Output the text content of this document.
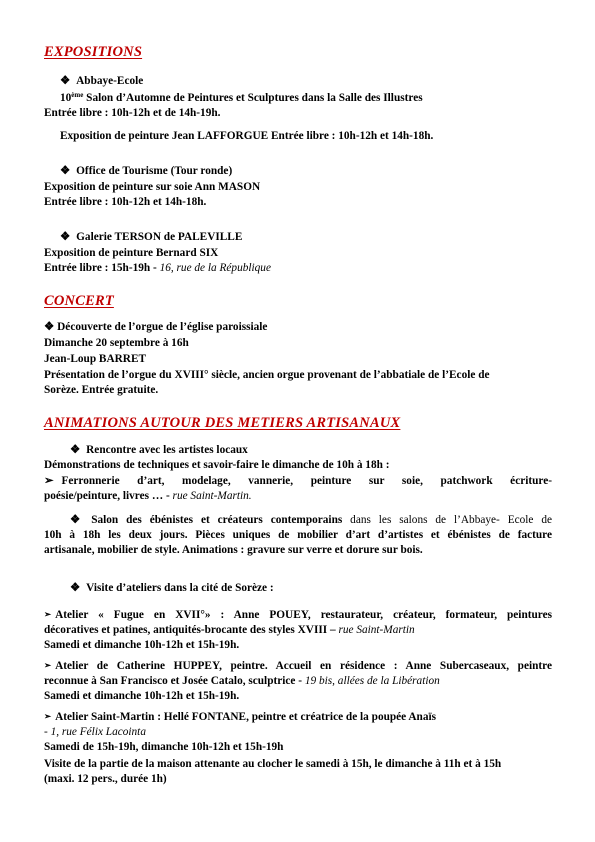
EXPOSITIONS
❖ Abbaye-Ecole
10ème Salon d’Automne de Peintures et Sculptures dans la Salle des Illustres
Entrée libre : 10h-12h et de 14h-19h.
Exposition de peinture Jean LAFFORGUE Entrée libre : 10h-12h et 14h-18h.
❖ Office de Tourisme (Tour ronde)
Exposition de peinture sur soie Ann MASON
Entrée libre : 10h-12h et 14h-18h.
❖ Galerie TERSON de PALEVILLE
Exposition de peinture Bernard SIX
Entrée libre : 15h-19h - 16, rue de la République
CONCERT
❖ Découverte de l’orgue de l’église paroissiale
Dimanche 20 septembre à 16h
Jean-Loup BARRET
Présentation de l’orgue du XVIII° siècle, ancien orgue provenant de l’abbatiale de l’Ecole de
Sorèze. Entrée gratuite.
ANIMATIONS AUTOUR DES METIERS ARTISANAUX
❖ Rencontre avec les artistes locaux
Démonstrations de techniques et savoir-faire le dimanche de 10h à 18h :
➢ Ferronnerie d’art, modelage, vannerie, peinture sur soie, patchwork écriture-
poésie/peinture, livres … - rue Saint-Martin.
❖ Salon des ébénistes et créateurs contemporains dans les salons de l’Abbaye- Ecole de
10h à 18h les deux jours. Pièces uniques de mobilier d’art d’artistes et ébénistes de facture
artisanale, mobilier de style. Animations : gravure sur verre et dorure sur bois.
❖ Visite d’ateliers dans la cité de Sorèze :
➢ Atelier « Fugue en XVII°» : Anne POUEY, restaurateur, créateur, formateur, peintures
décoratives et patines, antiquités-brocante des styles XVIII – rue Saint-Martin
Samedi et dimanche 10h-12h et 15h-19h.
➢ Atelier de Catherine HUPPEY, peintre. Accueil en résidence : Anne Subercaseaux, peintre
reconnue à San Francisco et Josée Catalo, sculptrice - 19 bis, allées de la Libération
Samedi et dimanche 10h-12h et 15h-19h.
➢ Atelier Saint-Martin : Hellé FONTANE, peintre et créatrice de la poupée Anaïs
- 1, rue Félix Lacointa
Samedi de 15h-19h, dimanche 10h-12h et 15h-19h
Visite de la partie de la maison attenante au clocher le samedi à 15h, le dimanche à 11h et à 15h
(maxi. 12 pers., durée 1h)
